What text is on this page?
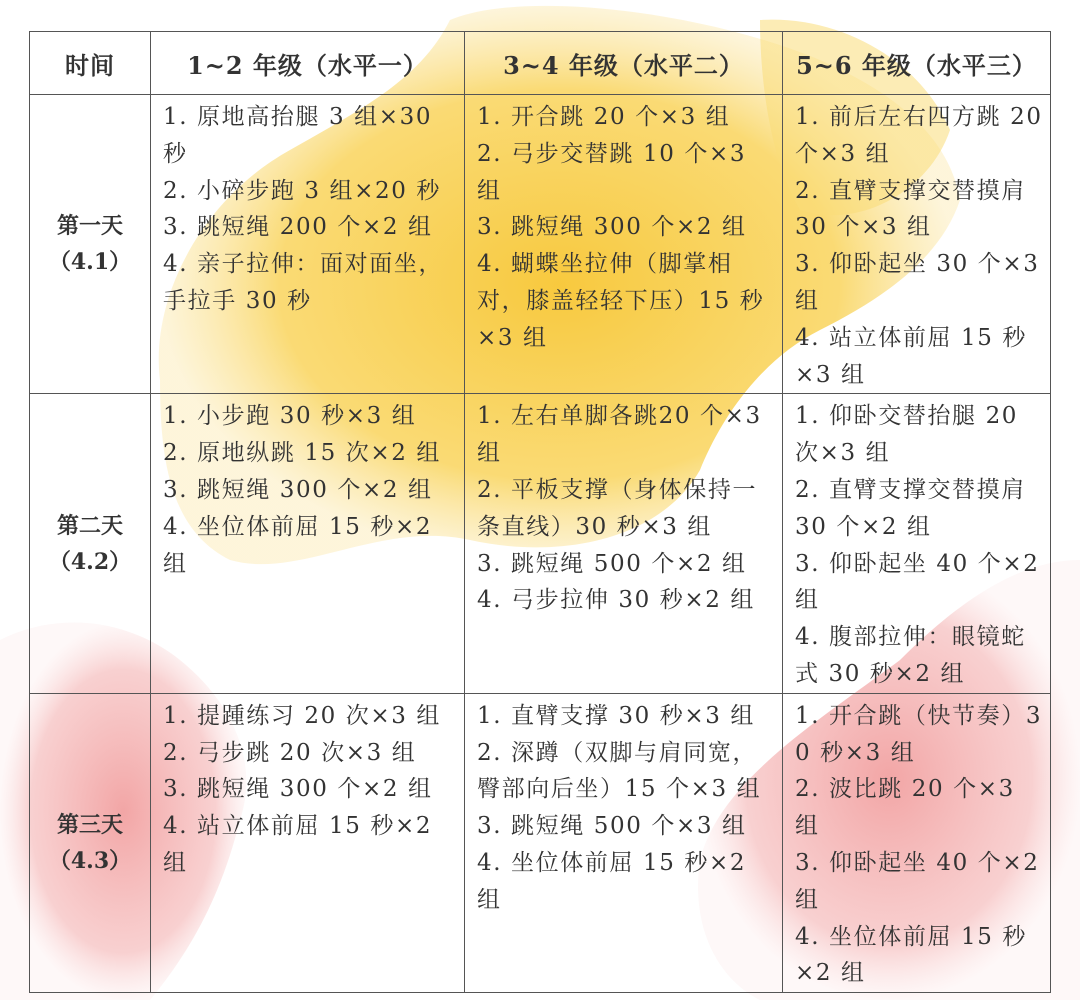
时间	1~2 年级（水平一）	3~4 年级（水平二）	5~6 年级（水平三）

第一天
（4.1）	1. 原地高抬腿 3 组×30 秒
2. 小碎步跑 3 组×20 秒
3. 跳短绳 200 个×2 组
4. 亲子拉伸：面对面坐，手拉手 30 秒	1. 开合跳 20 个×3 组
2. 弓步交替跳 10 个×3 组
3. 跳短绳 300 个×2 组
4. 蝴蝶坐拉伸（脚掌相对，膝盖轻轻下压）15 秒×3 组	1. 前后左右四方跳 20 个×3 组
2. 直臂支撑交替摸肩 30 个×3 组
3. 仰卧起坐 30 个×3 组
4. 站立体前屈 15 秒×3 组

第二天
（4.2）	1. 小步跑 30 秒×3 组
2. 原地纵跳 15 次×2 组
3. 跳短绳 300 个×2 组
4. 坐位体前屈 15 秒×2 组	1. 左右单脚各跳20 个×3 组
2. 平板支撑（身体保持一条直线）30 秒×3 组
3. 跳短绳 500 个×2 组
4. 弓步拉伸 30 秒×2 组	1. 仰卧交替抬腿 20 次×3 组
2. 直臂支撑交替摸肩 30 个×2 组
3. 仰卧起坐 40 个×2 组
4. 腹部拉伸：眼镜蛇式 30 秒×2 组

第三天
（4.3）	1. 提踵练习 20 次×3 组
2. 弓步跳 20 次×3 组
3. 跳短绳 300 个×2 组
4. 站立体前屈 15 秒×2 组	1. 直臂支撑 30 秒×3 组
2. 深蹲（双脚与肩同宽，臀部向后坐）15 个×3 组
3. 跳短绳 500 个×3 组
4. 坐位体前屈 15 秒×2 组	1. 开合跳（快节奏）30 秒×3 组
2. 波比跳 20 个×3 组
3. 仰卧起坐 40 个×2 组
4. 坐位体前屈 15 秒×2 组
